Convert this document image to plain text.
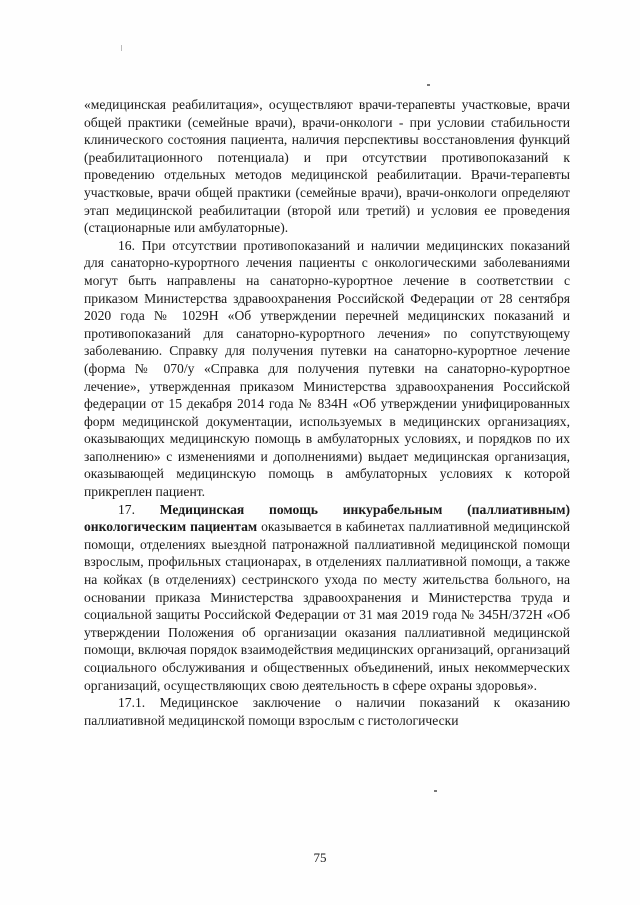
«медицинская реабилитация», осуществляют врачи-терапевты участковые, врачи общей практики (семейные врачи), врачи-онкологи - при условии стабильности клинического состояния пациента, наличия перспективы восстановления функций (реабилитационного потенциала) и при отсутствии противопоказаний к проведению отдельных методов медицинской реабилитации. Врачи-терапевты участковые, врачи общей практики (семейные врачи), врачи-онкологи определяют этап медицинской реабилитации (второй или третий) и условия ее проведения (стационарные или амбулаторные).

16. При отсутствии противопоказаний и наличии медицинских показаний для санаторно-курортного лечения пациенты с онкологическими заболеваниями могут быть направлены на санаторно-курортное лечение в соответствии с приказом Министерства здравоохранения Российской Федерации от 28 сентября 2020 года № 1029Н «Об утверждении перечней медицинских показаний и противопоказаний для санаторно-курортного лечения» по сопутствующему заболеванию. Справку для получения путевки на санаторно-курортное лечение (форма № 070/у «Справка для получения путевки на санаторно-курортное лечение», утвержденная приказом Министерства здравоохранения Российской федерации от 15 декабря 2014 года № 834Н «Об утверждении унифицированных форм медицинской документации, используемых в медицинских организациях, оказывающих медицинскую помощь в амбулаторных условиях, и порядков по их заполнению» с изменениями и дополнениями) выдает медицинская организация, оказывающей медицинскую помощь в амбулаторных условиях к которой прикреплен пациент.

17. Медицинская помощь инкурабельным (паллиативным) онкологическим пациентам оказывается в кабинетах паллиативной медицинской помощи, отделениях выездной патронажной паллиативной медицинской помощи взрослым, профильных стационарах, в отделениях паллиативной помощи, а также на койках (в отделениях) сестринского ухода по месту жительства больного, на основании приказа Министерства здравоохранения и Министерства труда и социальной защиты Российской Федерации от 31 мая 2019 года № 345Н/372Н «Об утверждении Положения об организации оказания паллиативной медицинской помощи, включая порядок взаимодействия медицинских организаций, организаций социального обслуживания и общественных объединений, иных некоммерческих организаций, осуществляющих свою деятельность в сфере охраны здоровья».

17.1. Медицинское заключение о наличии показаний к оказанию паллиативной медицинской помощи взрослым с гистологически

75
